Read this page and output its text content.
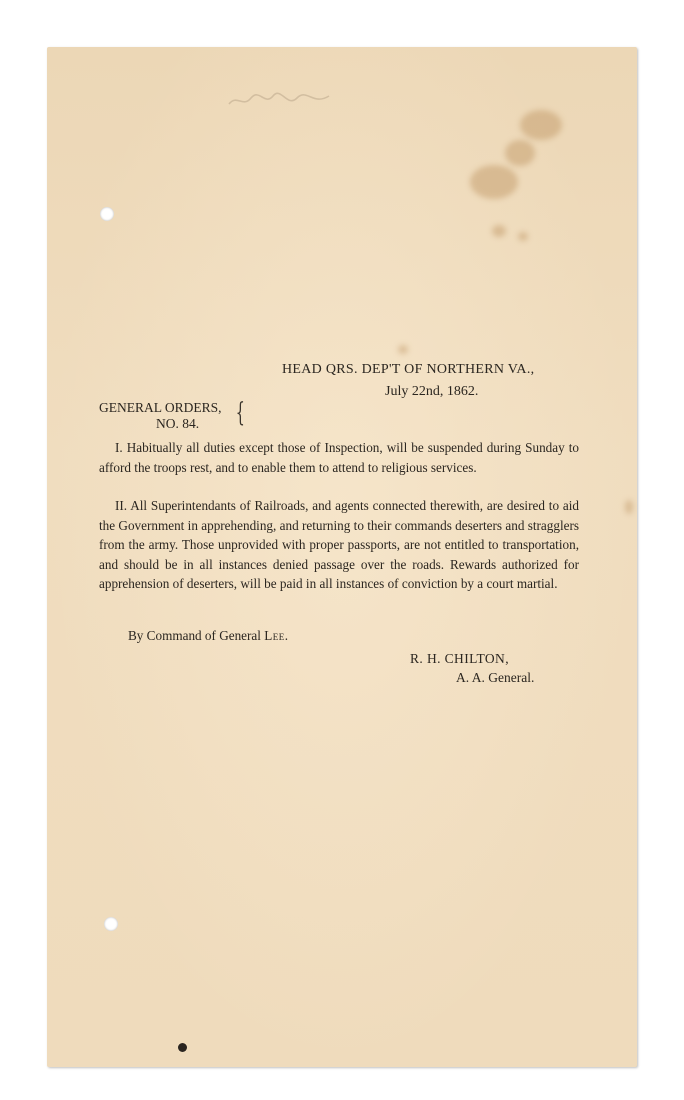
HEAD QRS. DEP'T OF NORTHERN VA.,
July 22nd, 1862.
GENERAL ORDERS,
NO. 84.	{
I. Habitually all duties except those of Inspection, will be suspended during Sunday to afford the troops rest, and to enable them to attend to religious services.
II. All Superintendants of Railroads, and agents connected therewith, are desired to aid the Government in apprehending, and returning to their commands deserters and stragglers from the army. Those unprovided with proper passports, are not entitled to transportation, and should be in all instances denied passage over the roads. Rewards authorized for apprehension of deserters, will be paid in all instances of conviction by a court martial.
By Command of General Lee.
R. H. CHILTON,
A. A. General.
